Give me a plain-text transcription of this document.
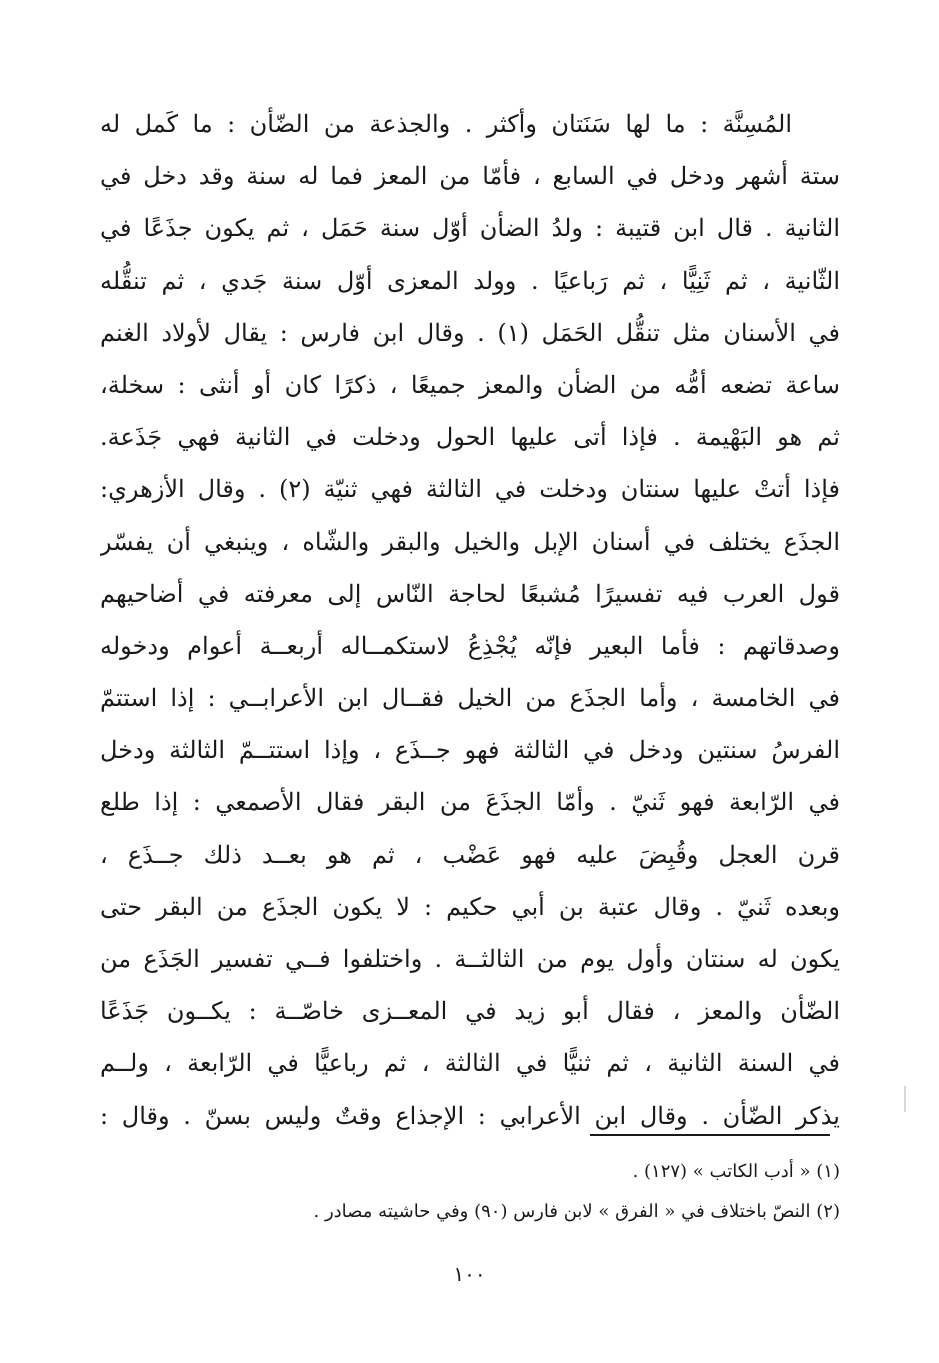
المُسِنَّة : ما لها سَنَتان وأكثر . والجذعة من الضّأن : ما كَمل له
ستة أشهر ودخل في السابع ، فأمّا من المعز فما له سنة وقد دخل في
الثانية . قال ابن قتيبة : ولدُ الضأن أوّل سنة حَمَل ، ثم يكون جذَعًا في
الثّانية ، ثم ثَنِيًّا ، ثم رَباعيًا . وولد المعزى أوّل سنة جَدي ، ثم تنقُّله
في الأسنان مثل تنقُّل الحَمَل (١) . وقال ابن فارس : يقال لأولاد الغنم
ساعة تضعه أمُّه من الضأن والمعز جميعًا ، ذكرًا كان أو أنثى : سخلة،
ثم هو البَهْيمة . فإذا أتى عليها الحول ودخلت في الثانية فهي جَذَعة.
فإذا أتتْ عليها سنتان ودخلت في الثالثة فهي ثنيّة (٢) . وقال الأزهري:
الجذَع يختلف في أسنان الإبل والخيل والبقر والشّاه ، وينبغي أن يفسّر
قول العرب فيه تفسيرًا مُشبعًا لحاجة النّاس إلى معرفته في أضاحيهم
وصدقاتهم : فأما البعير فإنّه يُجْذِعُ لاستكمــاله أربعــة أعوام ودخوله
في الخامسة ، وأما الجذَع من الخيل فقــال ابن الأعرابــي : إذا استتمّ
الفرسُ سنتين ودخل في الثالثة فهو جــذَع ، وإذا استتــمّ الثالثة ودخل
في الرّابعة فهو ثَنيّ . وأمّا الجذَعَ من البقر فقال الأصمعي : إذا طلع
قرن العجل وقُبِضَ عليه فهو عَضْب ، ثم هو بعــد ذلك جــذَع ،
وبعده ثَنيّ . وقال عتبة بن أبي حكيم : لا يكون الجذَع من البقر حتى
يكون له سنتان وأول يوم من الثالثــة . واختلفوا فــي تفسير الجَذَع من
الضّأن والمعز ، فقال أبو زيد في المعــزى خاصّــة : يكــون جَذَعًا
في السنة الثانية ، ثم ثنيًّا في الثالثة ، ثم رباعيًّا في الرّابعة ، ولــم
يذكر الضّأن . وقال ابن الأعرابي : الإجذاع وقتٌ وليس بسنّ . وقال :
(١) « أدب الكاتب » (١٢٧) .
(٢) النصّ باختلاف في « الفرق » لابن فارس (٩٠) وفي حاشيته مصادر .
١٠٠
